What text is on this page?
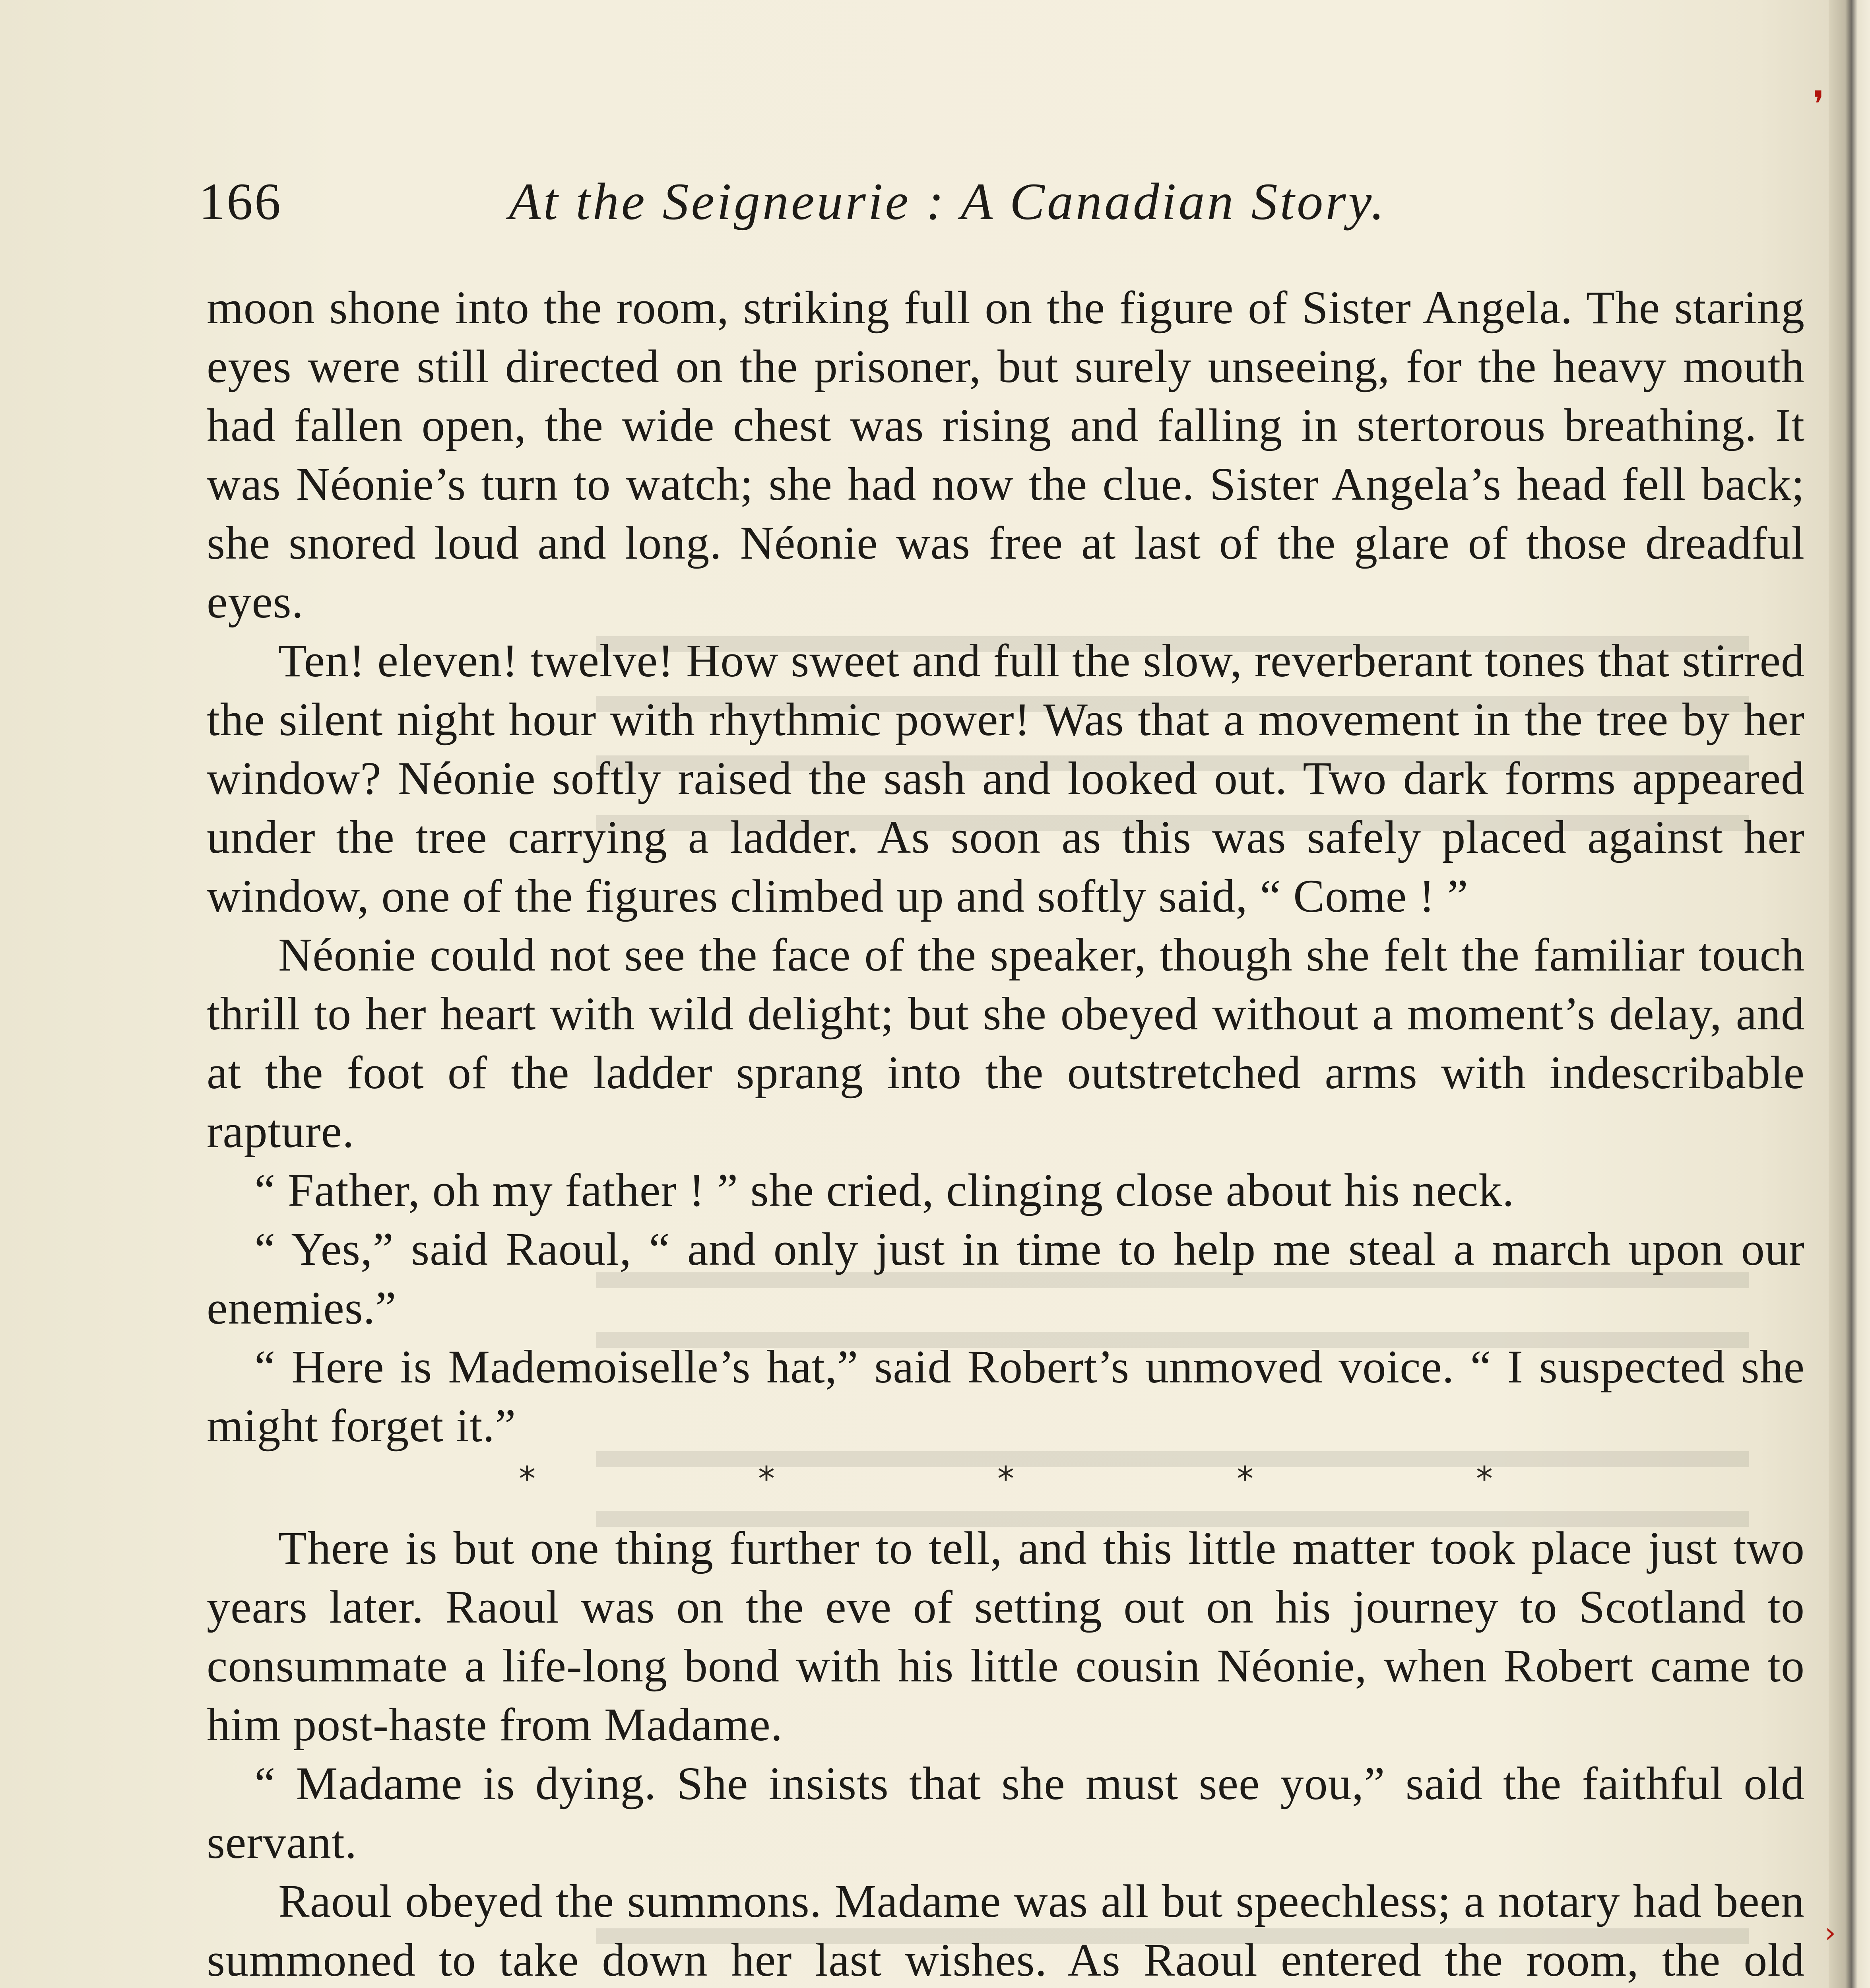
166	At the Seigneurie : A Canadian Story.

moon shone into the room, striking full on the figure of Sister Angela. The staring eyes were still directed on the prisoner, but surely unseeing, for the heavy mouth had fallen open, the wide chest was rising and falling in stertorous breathing. It was Néonie’s turn to watch; she had now the clue. Sister Angela’s head fell back; she snored loud and long. Néonie was free at last of the glare of those dreadful eyes.

Ten! eleven! twelve! How sweet and full the slow, reverberant tones that stirred the silent night hour with rhythmic power! Was that a movement in the tree by her window? Néonie softly raised the sash and looked out. Two dark forms appeared under the tree carrying a ladder. As soon as this was safely placed against her window, one of the figures climbed up and softly said, “ Come ! ”

Néonie could not see the face of the speaker, though she felt the familiar touch thrill to her heart with wild delight; but she obeyed without a moment’s delay, and at the foot of the ladder sprang into the outstretched arms with indescribable rapture.

“ Father, oh my father ! ” she cried, clinging close about his neck.

“ Yes,” said Raoul, “ and only just in time to help me steal a march upon our enemies.”

“ Here is Mademoiselle’s hat,” said Robert’s unmoved voice. “ I suspected she might forget it.”

*	*	*	*	*

There is but one thing further to tell, and this little matter took place just two years later. Raoul was on the eve of setting out on his journey to Scotland to consummate a life-long bond with his little cousin Néonie, when Robert came to him post-haste from Madame.

“ Madame is dying. She insists that she must see you,” said the faithful old servant.

Raoul obeyed the summons. Madame was all but speechless; a notary had been summoned to take down her last wishes. As Raoul entered the room, the old

❜
›
